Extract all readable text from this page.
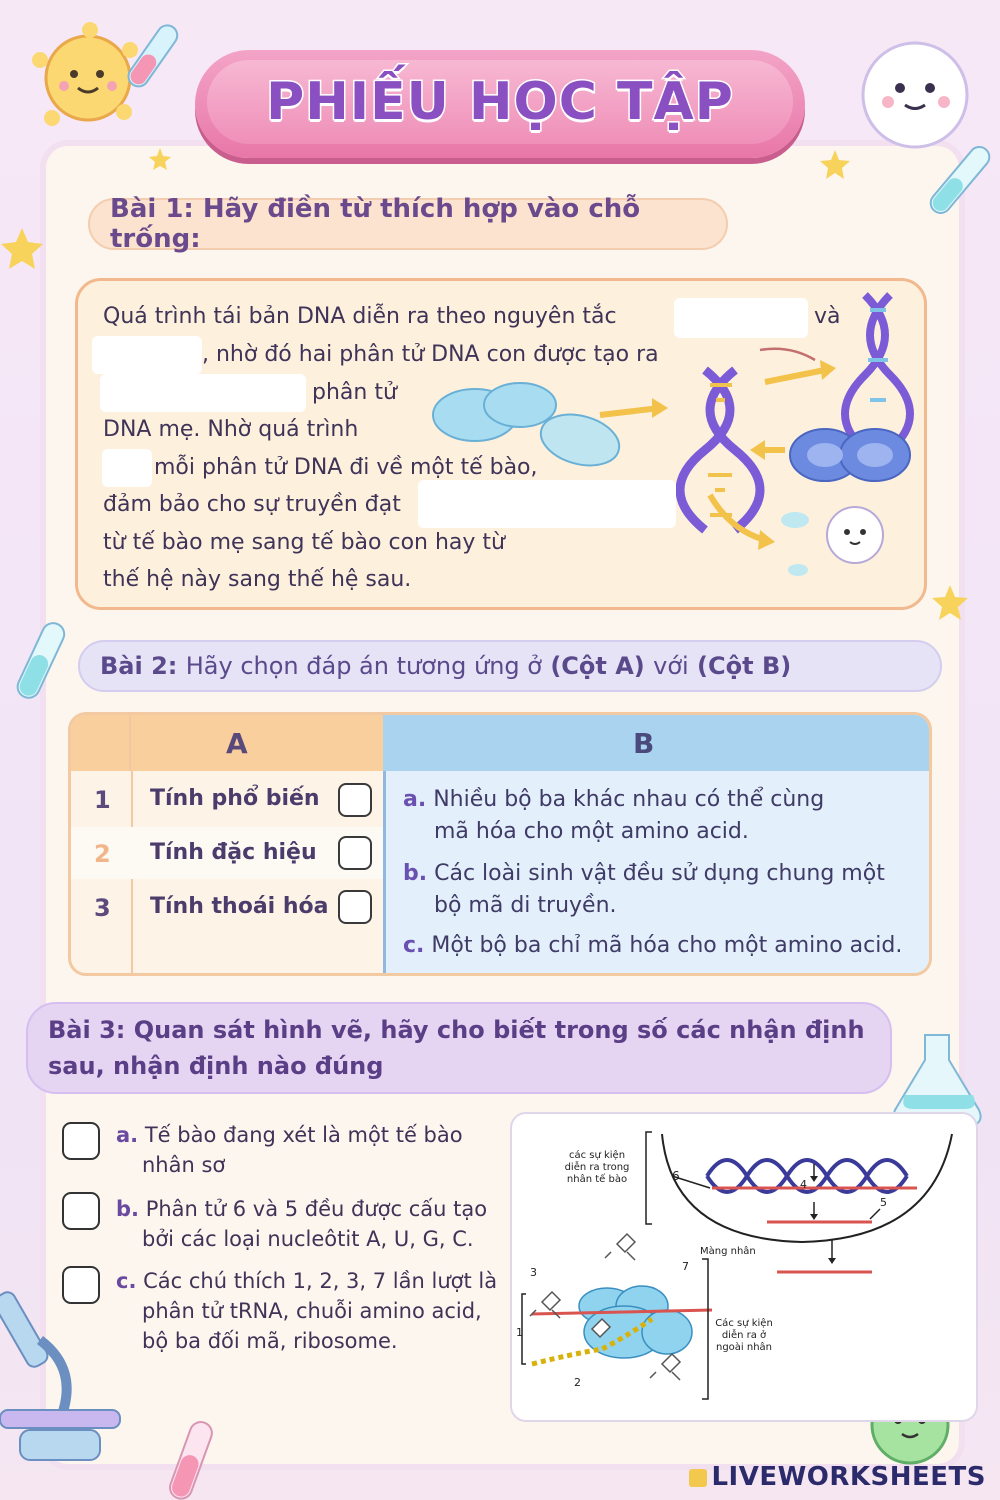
PHIẾU HỌC TẬP
Bài 1: Hãy điền từ thích hợp vào chỗ trống:
Quá trình tái bản DNA diễn ra theo nguyên tắc	và
, nhờ đó hai phân tử DNA con được tạo ra
phân tử
DNA mẹ. Nhờ quá trình
mỗi phân tử DNA đi về một tế bào,
đảm bảo cho sự truyền đạt
từ tế bào mẹ sang tế bào con hay từ
thế hệ này sang thế hệ sau.
Bài 2:
Hãy chọn đáp án tương ứng ở
(Cột A)
với
(Cột B)
A	B
1 Tính phổ biến
2 Tính đặc hiệu
3 Tính thoái hóa
a. Nhiều bộ ba khác nhau có thể cùng
mã hóa cho một amino acid.
b. Các loài sinh vật đều sử dụng chung một
bộ mã di truyền.
c. Một bộ ba chỉ mã hóa cho một amino acid.
Bài 3: Quan sát hình vẽ, hãy cho biết trong số các nhận định
sau, nhận định nào đúng
a. Tế bào đang xét là một tế bào
nhân sơ
b. Phân tử 6 và 5 đều được cấu tạo
bởi các loại nucleôtit A, U, G, C.
c. Các chú thích 1, 2, 3, 7 lần lượt là
phân tử tRNA, chuỗi amino acid,
bộ ba đối mã, ribosome.
các sự kiện
diễn ra trong
nhân tế bào	6
4
5
Màng nhân
3
1
2
7
Các sự kiện
diễn ra ở
ngoài nhân
LIVEWORKSHEETS
